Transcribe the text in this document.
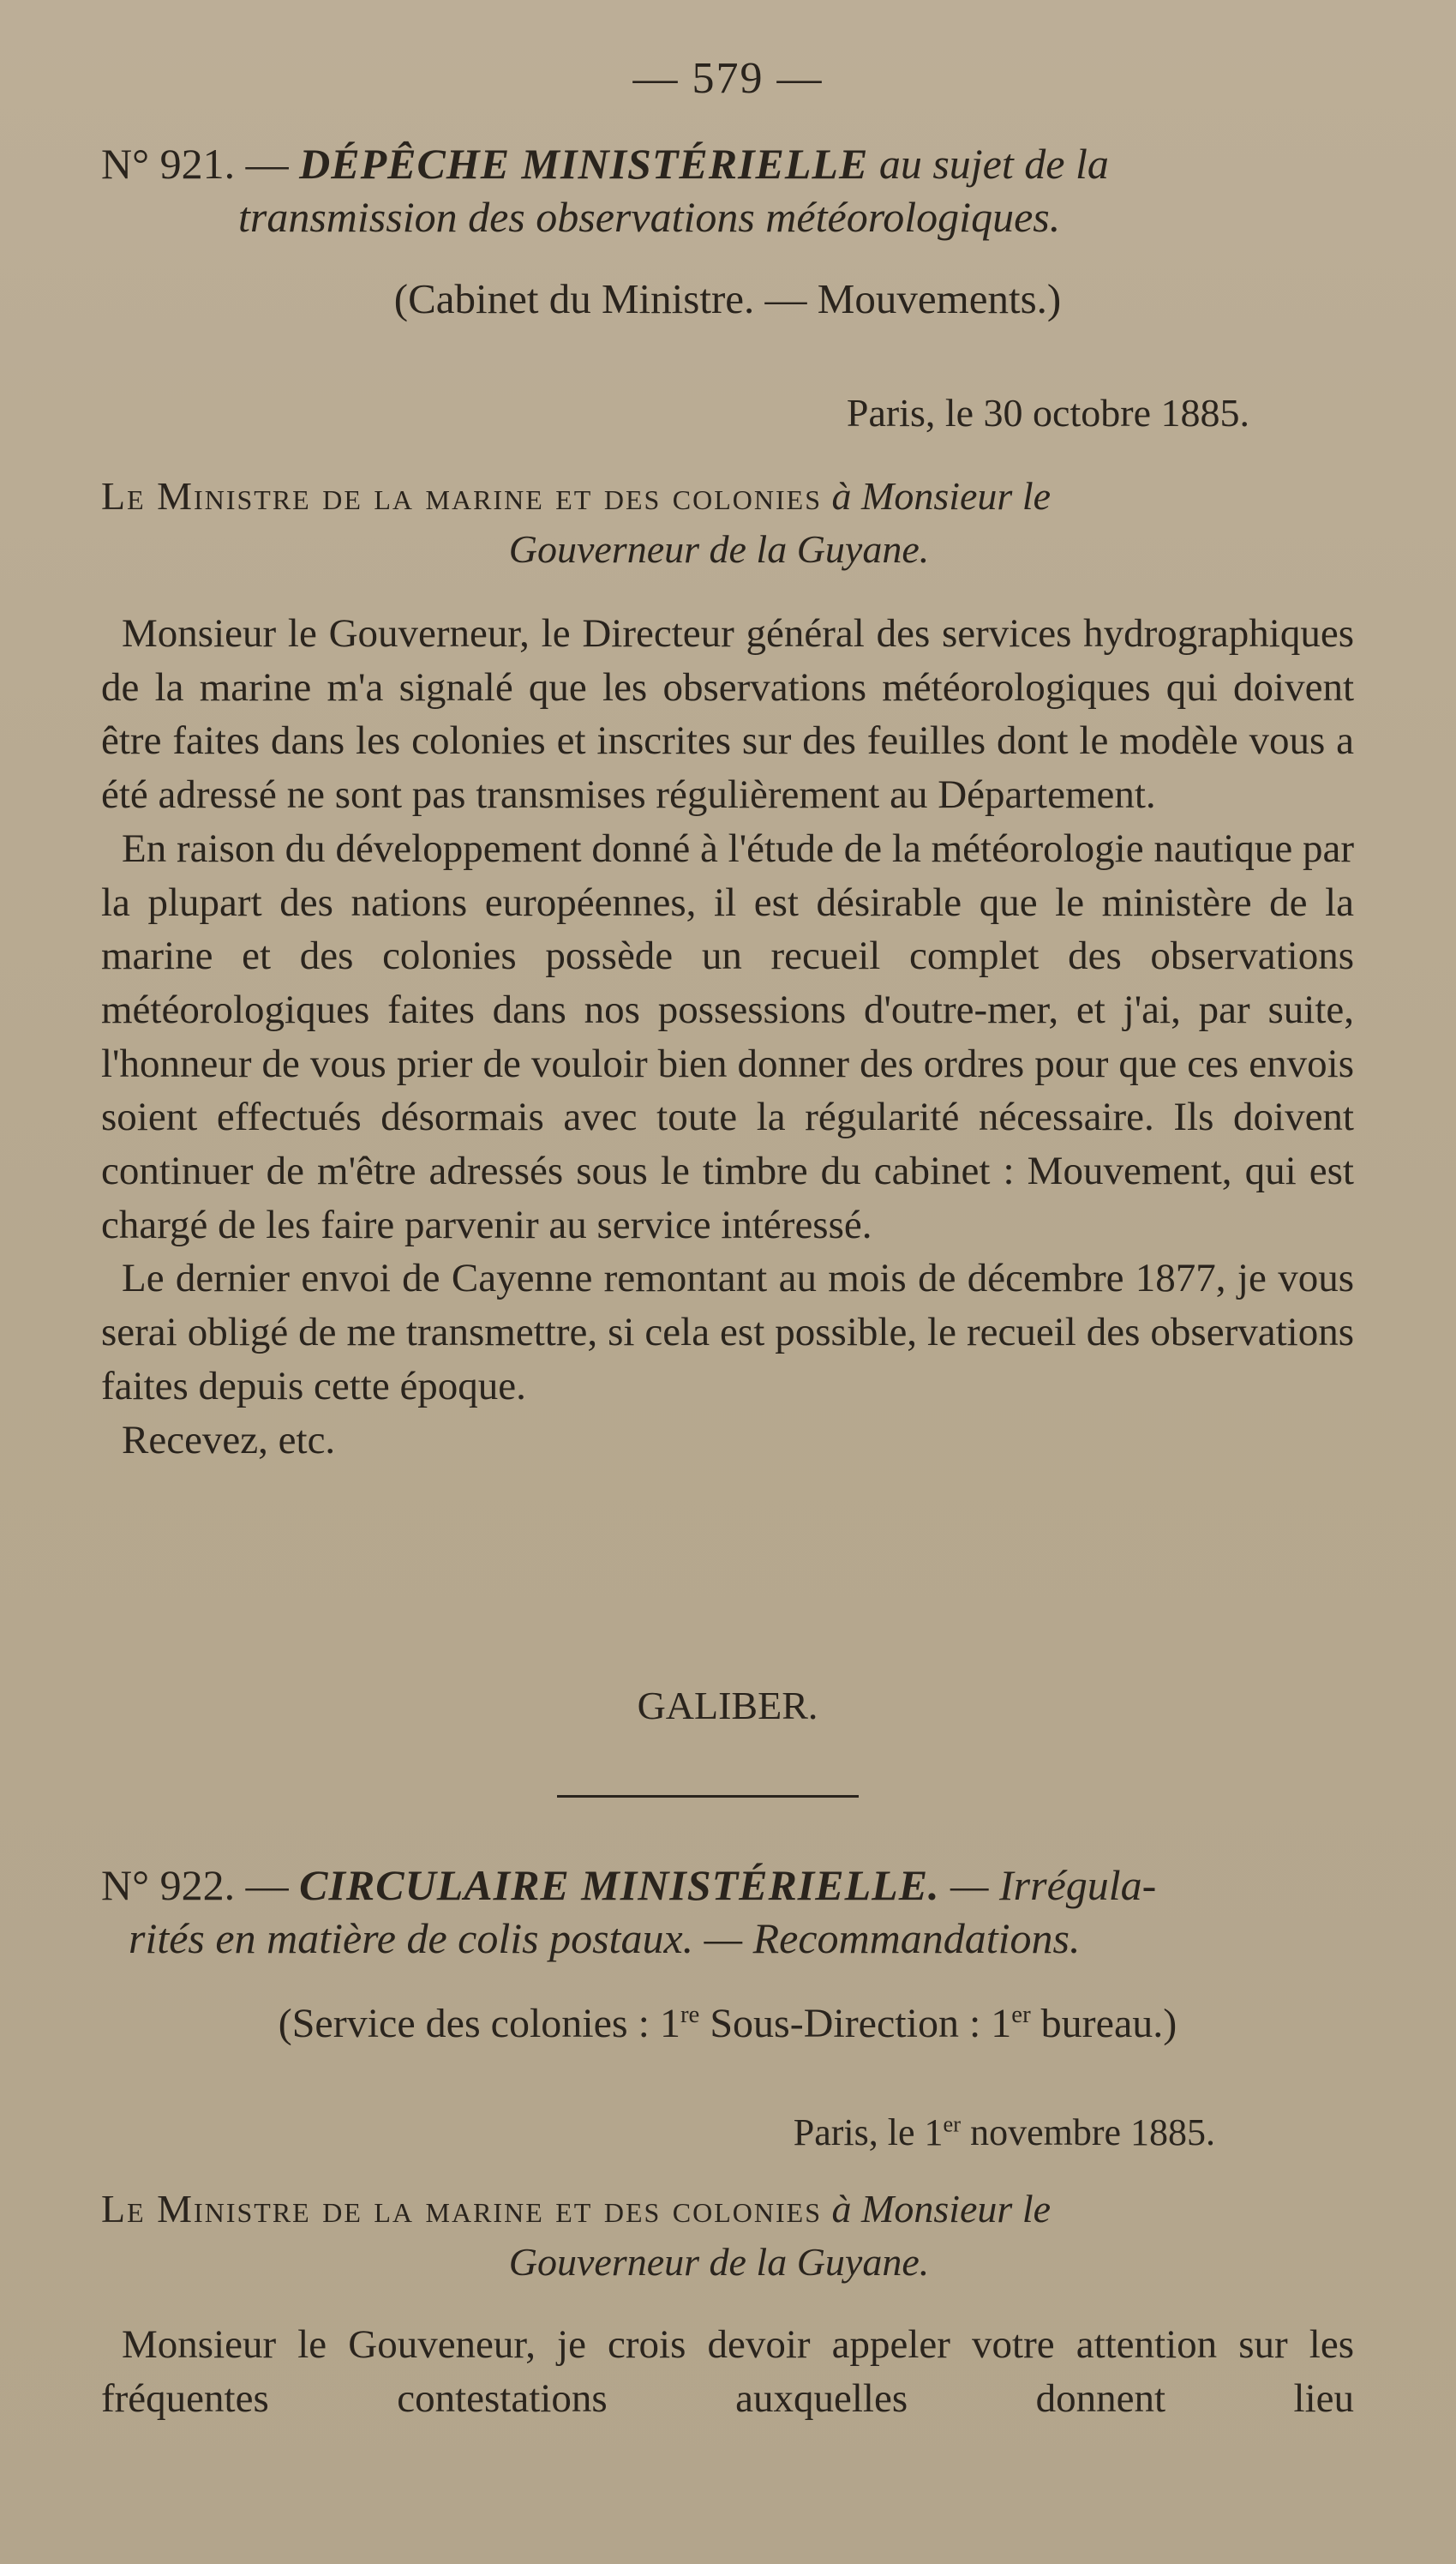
— 579 —
N° 921. — DÉPÊCHE MINISTÉRIELLE au sujet de la
transmission des observations météorologiques.
(Cabinet du Ministre. — Mouvements.)
Paris, le 30 octobre 1885.
Le Ministre de la marine et des colonies à Monsieur le
Gouverneur de la Guyane.

Monsieur le Gouverneur, le Directeur général des services hydrographiques de la marine m'a signalé que les observations météorologiques qui doivent être faites dans les colonies et inscrites sur des feuilles dont le modèle vous a été adressé ne sont pas transmises régulièrement au Département.

En raison du développement donné à l'étude de la météorologie nautique par la plupart des nations européennes, il est désirable que le ministère de la marine et des colonies possède un recueil complet des observations météorologiques faites dans nos possessions d'outre-mer, et j'ai, par suite, l'honneur de vous prier de vouloir bien donner des ordres pour que ces envois soient effectués désormais avec toute la régularité nécessaire. Ils doivent continuer de m'être adressés sous le timbre du cabinet : Mouvement, qui est chargé de les faire parvenir au service intéressé.

Le dernier envoi de Cayenne remontant au mois de décembre 1877, je vous serai obligé de me transmettre, si cela est possible, le recueil des observations faites depuis cette époque.

Recevez, etc.

GALIBER.
N° 922. — CIRCULAIRE MINISTÉRIELLE. — Irrégula-
rités en matière de colis postaux. — Recommandations.
(Service des colonies : 1re Sous-Direction : 1er bureau.)
Paris, le 1er novembre 1885.
Le Ministre de la marine et des colonies à Monsieur le
Gouverneur de la Guyane.

Monsieur le Gouveneur, je crois devoir appeler votre attention sur les fréquentes contestations auxquelles donnent lieu
